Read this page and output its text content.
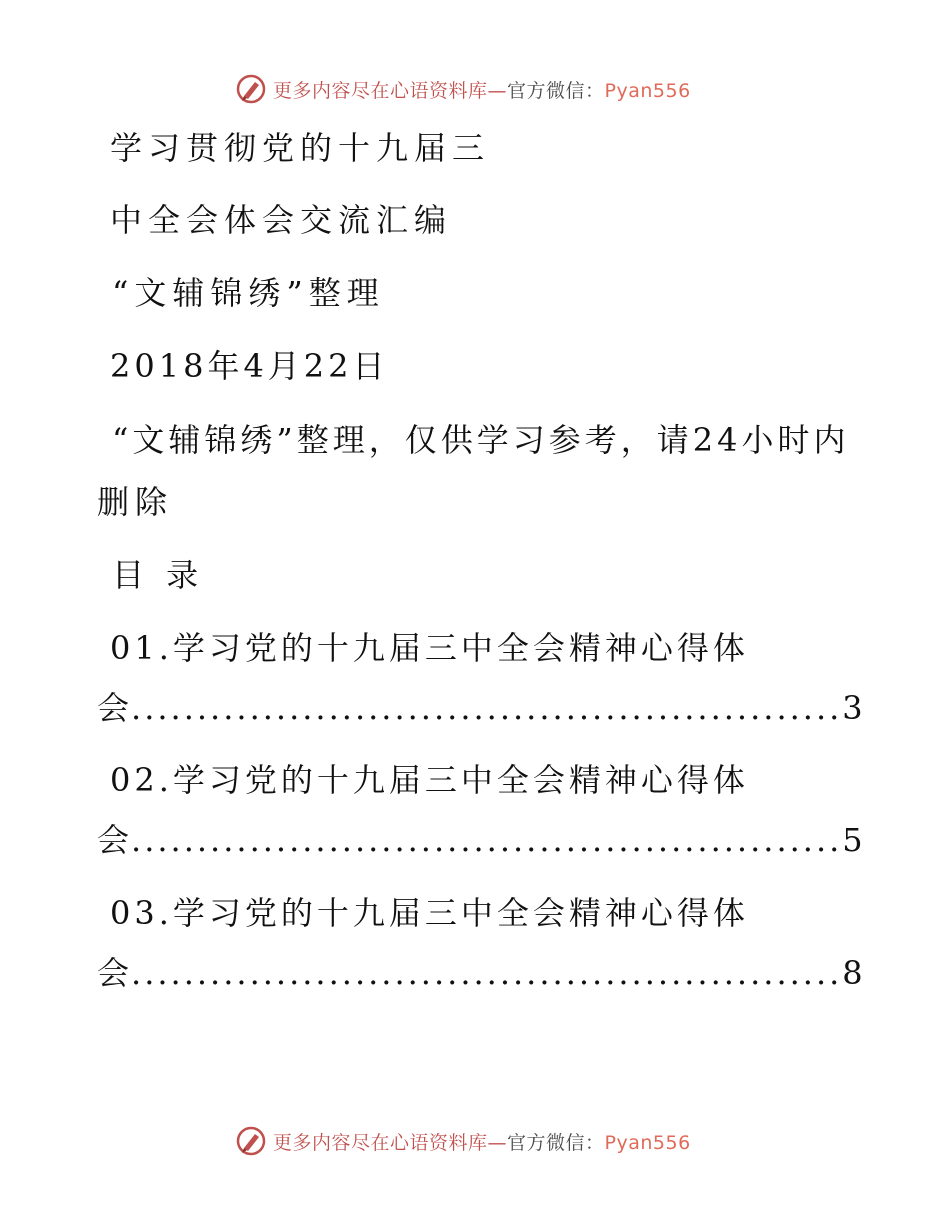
更多内容尽在心语资料库—官方微信：Pyan556
学习贯彻党的十九届三
中全会体会交流汇编
“文辅锦绣”整理
2018年4月22日
“文辅锦绣”整理，仅供学习参考，请24小时内
删除
目 录
01.学习党的十九届三中全会精神心得体
会 ...................................................... 3
02.学习党的十九届三中全会精神心得体
会 ...................................................... 5
03.学习党的十九届三中全会精神心得体
会 ...................................................... 8
更多内容尽在心语资料库—官方微信：Pyan556
